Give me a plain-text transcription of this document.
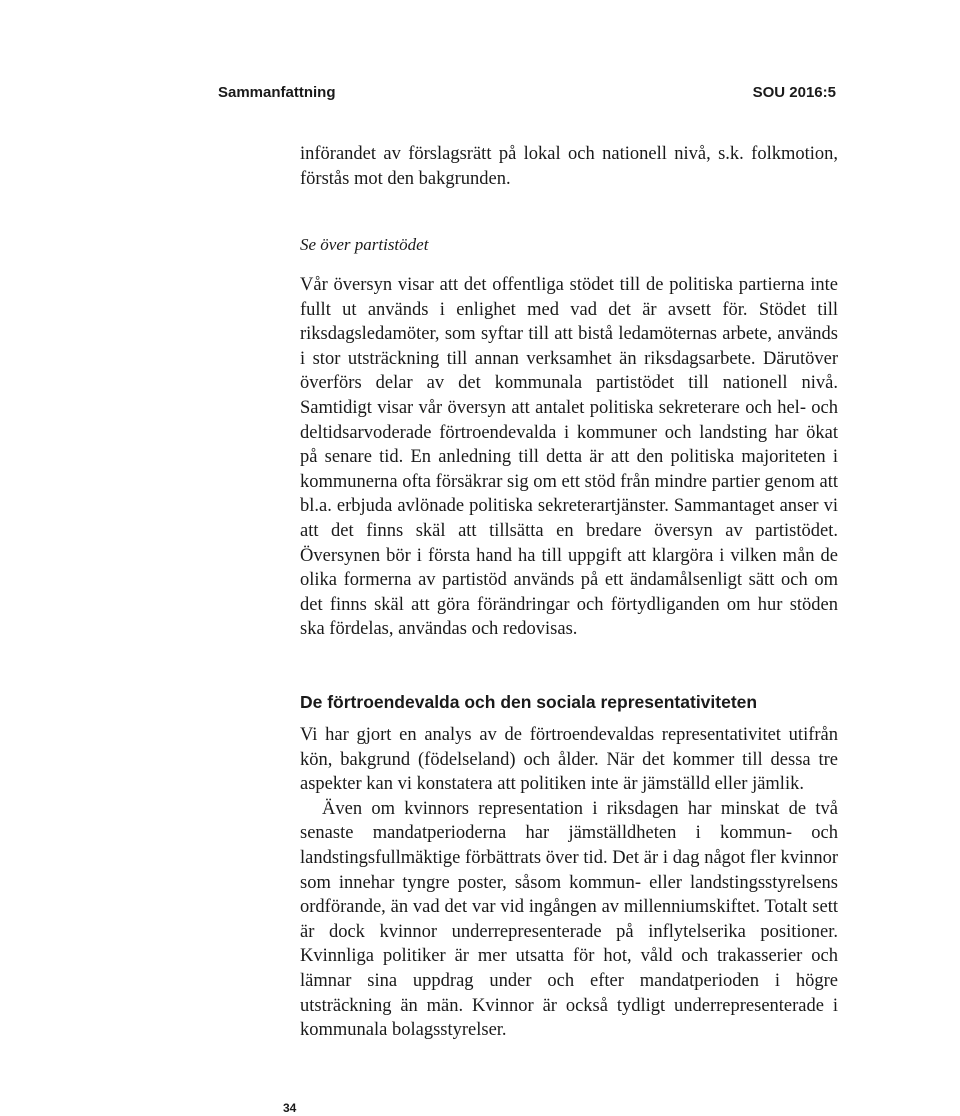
Sammanfattning	SOU 2016:5

införandet av förslagsrätt på lokal och nationell nivå, s.k. folkmotion, förstås mot den bakgrunden.

Se över partistödet

Vår översyn visar att det offentliga stödet till de politiska partierna inte fullt ut används i enlighet med vad det är avsett för. Stödet till riksdagsledamöter, som syftar till att bistå ledamöternas arbete, används i stor utsträckning till annan verksamhet än riksdagsarbete. Därutöver överförs delar av det kommunala partistödet till nationell nivå. Samtidigt visar vår översyn att antalet politiska sekreterare och hel- och deltidsarvoderade förtroendevalda i kommuner och landsting har ökat på senare tid. En anledning till detta är att den politiska majoriteten i kommunerna ofta försäkrar sig om ett stöd från mindre partier genom att bl.a. erbjuda avlönade politiska sekreterartjänster. Sammantaget anser vi att det finns skäl att tillsätta en bredare översyn av partistödet. Översynen bör i första hand ha till uppgift att klargöra i vilken mån de olika formerna av partistöd används på ett ändamålsenligt sätt och om det finns skäl att göra förändringar och förtydliganden om hur stöden ska fördelas, användas och redovisas.

De förtroendevalda och den sociala representativiteten

Vi har gjort en analys av de förtroendevaldas representativitet utifrån kön, bakgrund (födelseland) och ålder. När det kommer till dessa tre aspekter kan vi konstatera att politiken inte är jämställd eller jämlik.

Även om kvinnors representation i riksdagen har minskat de två senaste mandatperioderna har jämställdheten i kommun- och landstingsfullmäktige förbättrats över tid. Det är i dag något fler kvinnor som innehar tyngre poster, såsom kommun- eller landstingsstyrelsens ordförande, än vad det var vid ingången av millenniumskiftet. Totalt sett är dock kvinnor underrepresenterade på inflytelserika positioner. Kvinnliga politiker är mer utsatta för hot, våld och trakasserier och lämnar sina uppdrag under och efter mandatperioden i högre utsträckning än män. Kvinnor är också tydligt underrepresenterade i kommunala bolagsstyrelser.

34
